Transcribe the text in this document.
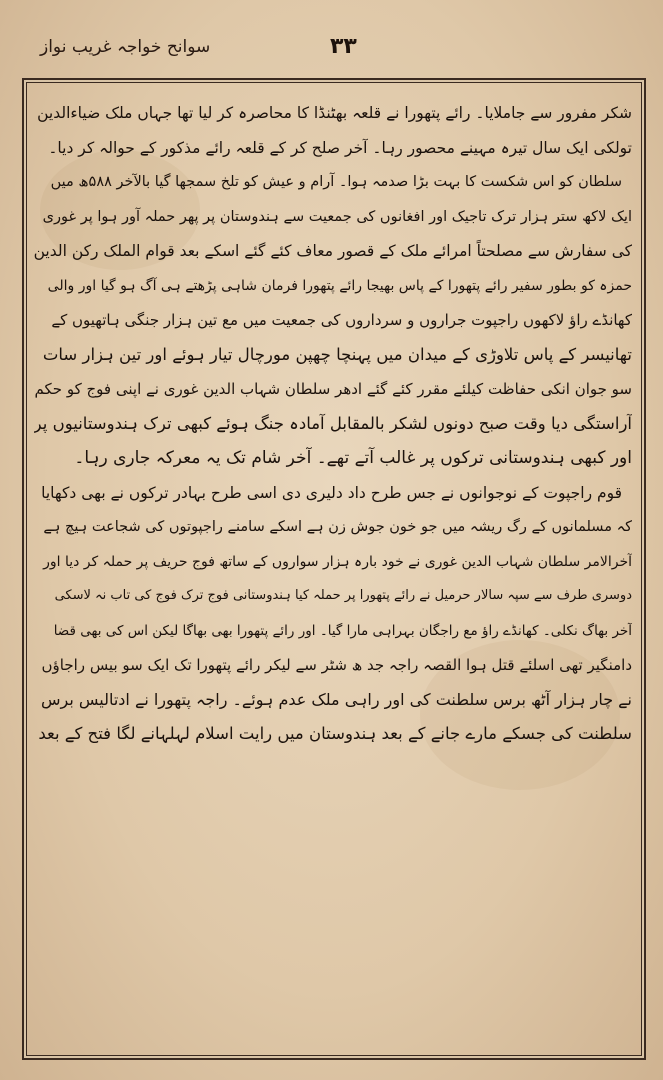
سوانح خواجہ غریب نواز	۳۳
شکر مفرور سے جاملایا۔ رائے پتھورا نے قلعہ بھٹنڈا کا محاصرہ کر لیا تھا جہاں ملک ضیاءالدین
تولکی ایک سال تیرہ مہینے محصور رہا۔ آخر صلح کر کے قلعہ رائے مذکور کے حوالہ کر دیا۔
سلطان کو اس شکست کا بہت بڑا صدمہ ہوا۔ آرام و عیش کو تلخ سمجھا گیا بالآخر ۵۸۸ھ میں
ایک لاکھ ستر ہزار ترک تاجیک اور افغانوں کی جمعیت سے ہندوستان پر پھر حملہ آور ہوا پر غوری
کی سفارش سے مصلحتاً امرائے ملک کے قصور معاف کئے گئے اسکے بعد قوام الملک رکن الدین
حمزہ کو بطور سفیر رائے پتھورا کے پاس بھیجا رائے پتھورا فرمان شاہی پڑھتے ہی آگ ہو گیا اور والی
کھانڈے راؤ لاکھوں راجپوت جراروں و سرداروں کی جمعیت میں مع تین ہزار جنگی ہاتھیوں کے
تھانیسر کے پاس تلاوڑی کے میدان میں پہنچا چھپن مورچال تیار ہوئے اور تین ہزار سات
سو جوان انکی حفاظت کیلئے مقرر کئے گئے ادھر سلطان شہاب الدین غوری نے اپنی فوج کو حکم
آراستگی دیا وقت صبح دونوں لشکر بالمقابل آمادہ جنگ ہوئے کبھی ترک ہندوستانیوں پر
اور کبھی ہندوستانی ترکوں پر غالب آتے تھے۔ آخر شام تک یہ معرکہ جاری رہا۔
قوم راجپوت کے نوجوانوں نے جس طرح داد دلیری دی اسی طرح بہادر ترکوں نے بھی دکھایا
کہ مسلمانوں کے رگ ریشہ میں جو خون جوش زن ہے اسکے سامنے راجپوتوں کی شجاعت ہیچ ہے
آخرالامر سلطان شہاب الدین غوری نے خود بارہ ہزار سواروں کے ساتھ فوج حریف پر حملہ کر دیا اور
دوسری طرف سے سپہ سالار حرمیل نے رائے پتھورا پر حملہ کیا ہندوستانی فوج ترک فوج کی تاب نہ لاسکی
آخر بھاگ نکلی۔ کھانڈے راؤ مع راجگان بہراہی مارا گیا۔ اور رائے پتھورا بھی بھاگا لیکن اس کی بھی قضا
دامنگیر تھی اسلئے قتل ہوا القصہ راجہ جد ھ شٹر سے لیکر رائے پتھورا تک ایک سو بیس راجاؤں
نے چار ہزار آٹھ برس سلطنت کی اور راہی ملک عدم ہوئے۔ راجہ پتھورا نے ادتالیس برس
سلطنت کی جسکے مارے جانے کے بعد ہندوستان میں رایت اسلام لہلہانے لگا فتح کے بعد
